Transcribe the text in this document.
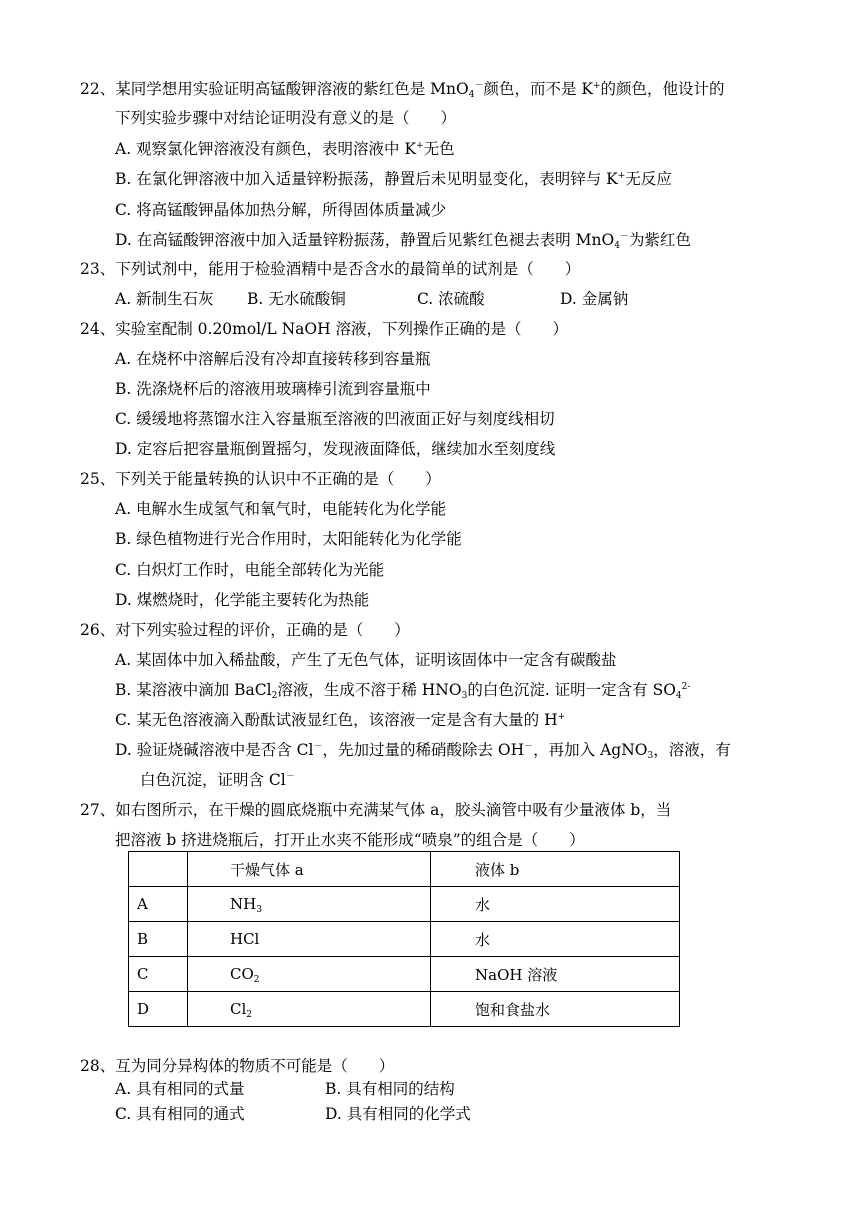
22、某同学想用实验证明高锰酸钾溶液的紫红色是 MnO$_4$－颜色，而不是 K+的颜色，他设计的
下列实验步骤中对结论证明没有意义的是（　　）
A. 观察氯化钾溶液没有颜色，表明溶液中 K+无色
B. 在氯化钾溶液中加入适量锌粉振荡，静置后未见明显变化，表明锌与 K+无反应
C. 将高锰酸钾晶体加热分解，所得固体质量减少
D. 在高锰酸钾溶液中加入适量锌粉振荡，静置后见紫红色褪去表明 MnO$_4$－为紫红色
23、下列试剂中，能用于检验酒精中是否含水的最简单的试剂是（　　）
A. 新制生石灰 B. 无水硫酸铜	C. 浓硫酸	D. 金属钠
24、实验室配制 0.20mol/L NaOH 溶液，下列操作正确的是（　　）
A. 在烧杯中溶解后没有冷却直接转移到容量瓶
B. 洗涤烧杯后的溶液用玻璃棒引流到容量瓶中
C. 缓缓地将蒸馏水注入容量瓶至溶液的凹液面正好与刻度线相切
D. 定容后把容量瓶倒置摇匀，发现液面降低，继续加水至刻度线
25、下列关于能量转换的认识中不正确的是（　　）
A. 电解水生成氢气和氧气时，电能转化为化学能
B. 绿色植物进行光合作用时，太阳能转化为化学能
C. 白炽灯工作时，电能全部转化为光能
D. 煤燃烧时，化学能主要转化为热能
26、对下列实验过程的评价，正确的是（　　）
A. 某固体中加入稀盐酸，产生了无色气体，证明该固体中一定含有碳酸盐
B. 某溶液中滴加 BaCl$_2$溶液，生成不溶于稀 $HNO_3$的白色沉淀. 证明一定含有 $SO_4^{2-}$
C. 某无色溶液滴入酚酞试液显红色，该溶液一定是含有大量的 H+
D. 验证烧碱溶液中是否含 Cl－，先加过量的稀硝酸除去 OH－，再加入 AgNO$_3$，溶液，有
白色沉淀，证明含 Cl－
27、如右图所示，在干燥的圆底烧瓶中充满某气体 a，胶头滴管中吸有少量液体 b，当
把溶液 b 挤进烧瓶后，打开止水夹不能形成“喷泉”的组合是（　　）
	干燥气体 a	液体 b
A	$NH_3$	水
B	HCl	水
C	$CO_2$	NaOH 溶液
D	$Cl_2$	饱和食盐水
28、互为同分异构体的物质不可能是（　　）
A. 具有相同的式量	B. 具有相同的结构
C. 具有相同的通式	D. 具有相同的化学式
